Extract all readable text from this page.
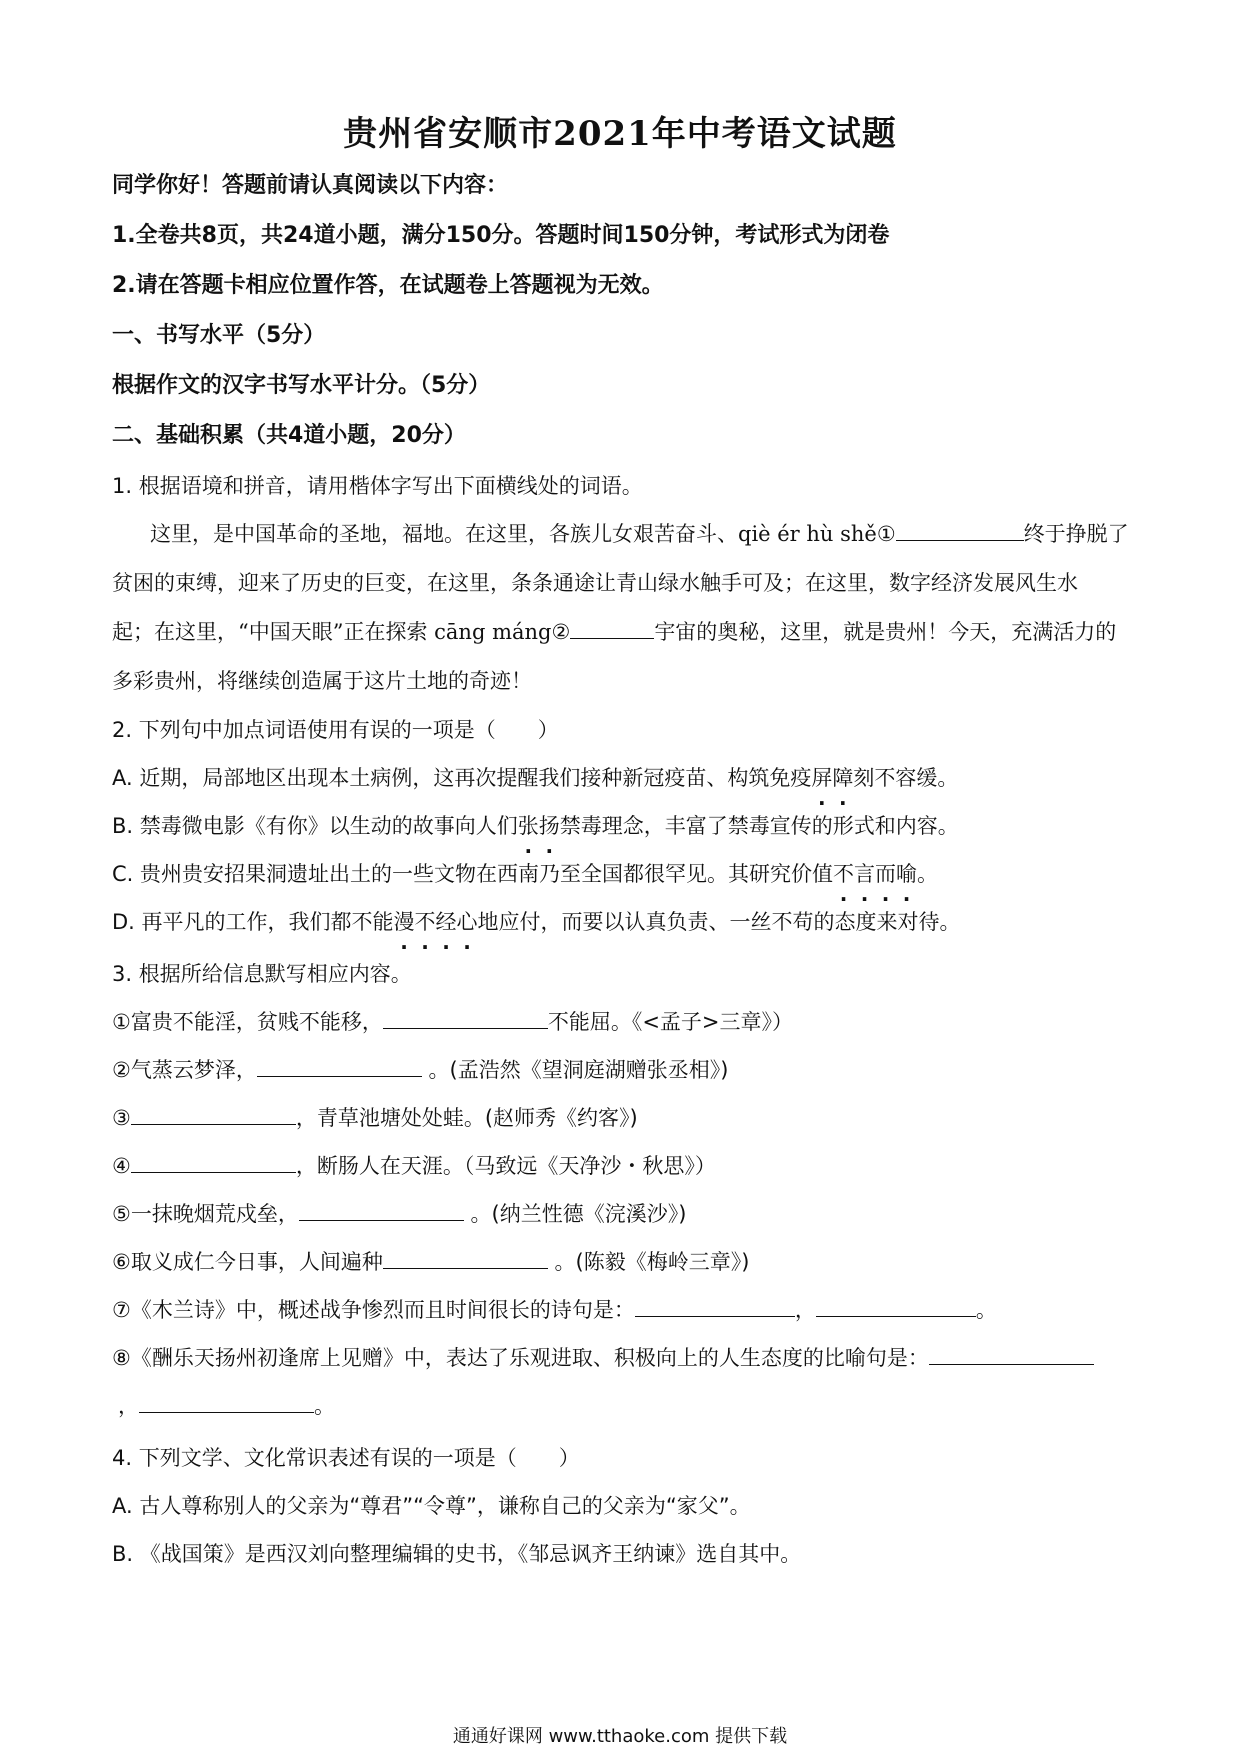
贵州省安顺市2021年中考语文试题
同学你好！答题前请认真阅读以下内容：
1.全卷共8页，共24道小题，满分150分。答题时间150分钟，考试形式为闭卷
2.请在答题卡相应位置作答，在试题卷上答题视为无效。
一、书写水平（5分）
根据作文的汉字书写水平计分。（5分）
二、基础积累（共4道小题，20分）
1. 根据语境和拼音，请用楷体字写出下面横线处的词语。
这里，是中国革命的圣地，福地。在这里，各族儿女艰苦奋斗、qiè ér hù shě①	终于挣脱了
贫困的束缚，迎来了历史的巨变，在这里，条条通途让青山绿水触手可及；在这里，数字经济发展风生水
起；在这里，“中国天眼”正在探索 cāng máng②	宇宙的奥秘，这里，就是贵州！今天，充满活力的
多彩贵州，将继续创造属于这片土地的奇迹！
2. 下列句中加点词语使用有误的一项是（　　）
A. 近期，局部地区出现本土病例，这再次提醒我们接种新冠疫苗、构筑免疫屏障刻不容缓。
B. 禁毒微电影《有你》以生动的故事向人们张扬禁毒理念，丰富了禁毒宣传的形式和内容。
C. 贵州贵安招果洞遗址出土的一些文物在西南乃至全国都很罕见。其研究价值不言而喻。
D. 再平凡的工作，我们都不能漫不经心地应付，而要以认真负责、一丝不苟的态度来对待。
3. 根据所给信息默写相应内容。
①富贵不能淫，贫贱不能移，	不能屈。《<孟子>三章》）
②气蒸云梦泽，	。(孟浩然《望洞庭湖赠张丞相》)
③	，青草池塘处处蛙。(赵师秀《约客》)
④	，断肠人在天涯。（马致远《天净沙・秋思》）
⑤一抹晚烟荒戍垒，	。(纳兰性德《浣溪沙》)
⑥取义成仁今日事，人间遍种	。(陈毅《梅岭三章》)
⑦《木兰诗》中，概述战争惨烈而且时间很长的诗句是：	，	。
⑧《酬乐天扬州初逢席上见赠》中，表达了乐观进取、积极向上的人生态度的比喻句是：
，	。
4. 下列文学、文化常识表述有误的一项是（　　）
A. 古人尊称别人的父亲为“尊君”“令尊”，谦称自己的父亲为“家父”。
B. 《战国策》是西汉刘向整理编辑的史书，《邹忌讽齐王纳谏》选自其中。
通通好课网 www.tthaoke.com 提供下载
